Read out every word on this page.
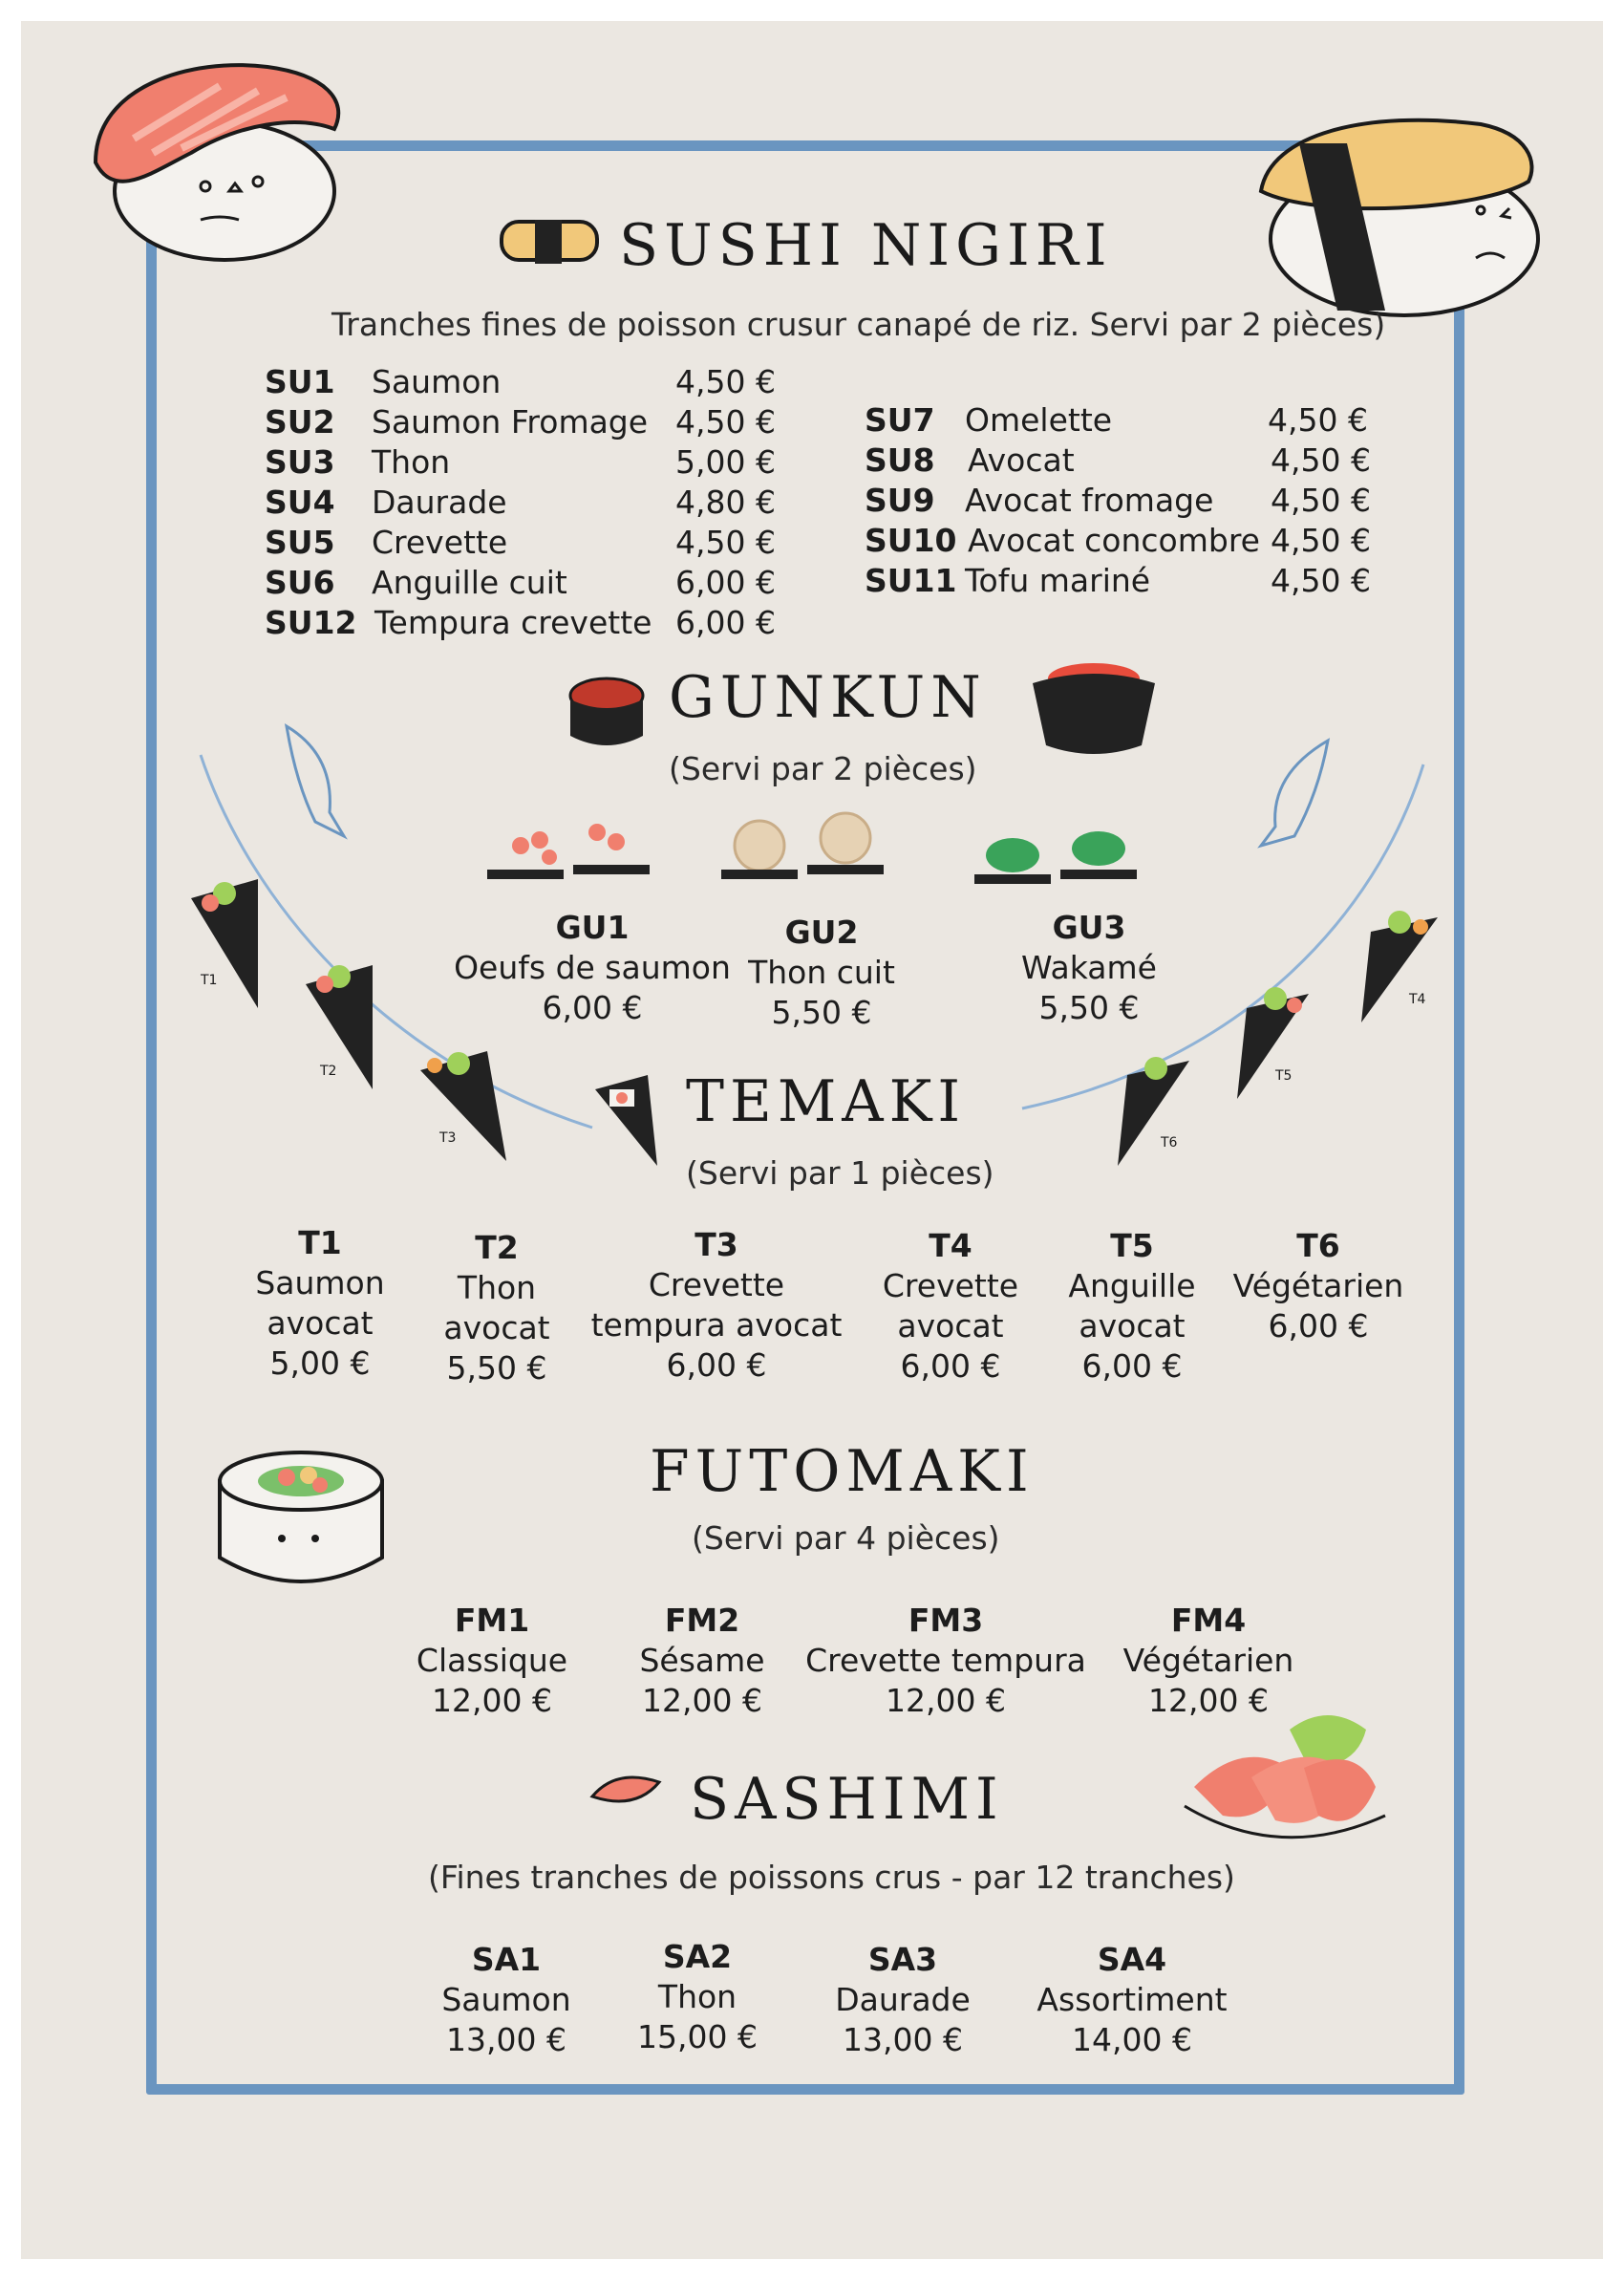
T1
T2
T3
T4
T5
T6
SUSHI NIGIRI
Tranches fines de poisson crusur canapé de riz. Servi par 2 pièces)
SU1 Saumon	4,50 €
SU2 Saumon Fromage 4,50 €
SU3 Thon	5,00 €
SU4 Daurade	4,80 €
SU5 Crevette	4,50 €
SU6 Anguille cuit	6,00 €
SU12 Tempura crevette 6,00 €
SU7 Omelette	4,50 €
SU8 Avocat	4,50 €
SU9 Avocat fromage 4,50 €
SU10 Avocat concombre 4,50 €
SU11 Tofu mariné	4,50 €
GUNKUN
(Servi par 2 pièces)
GU1
Oeufs de saumon
6,00 €
GU2
Thon cuit
5,50 €
GU3
Wakamé
5,50 €
TEMAKI
(Servi par 1 pièces)
T1
Saumon
avocat
5,00 €
T2
Thon
avocat
5,50 €
T3
Crevette
tempura avocat
6,00 €
T4
Crevette
avocat
6,00 €
T5
Anguille
avocat
6,00 €
T6
Végétarien
6,00 €
FUTOMAKI
(Servi par 4 pièces)
FM1
Classique
12,00 €
FM2
Sésame
12,00 €
FM3
Crevette tempura
12,00 €
FM4
Végétarien
12,00 €
SASHIMI
(Fines tranches de poissons crus - par 12 tranches)
SA1
Saumon
13,00 €
SA2
Thon
15,00 €
SA3
Daurade
13,00 €
SA4
Assortiment
14,00 €
